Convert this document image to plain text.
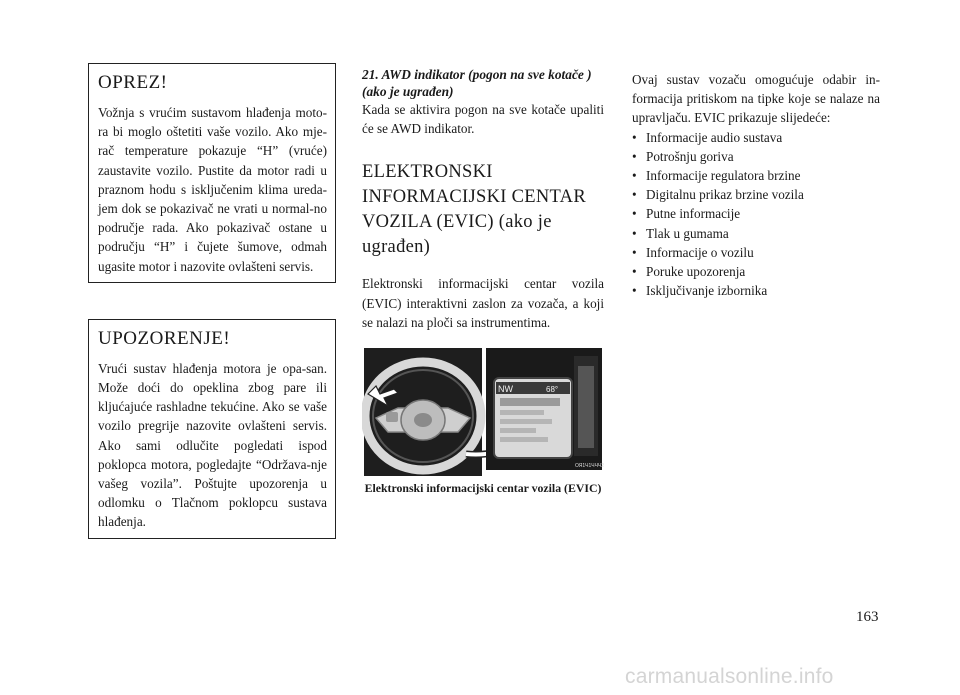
OPREZ!

Vožnja s vrućim sustavom hlađenja moto-ra bi moglo oštetiti vaše vozilo. Ako mje-rač temperature pokazuje “H” (vruće) zaustavite vozilo. Pustite da motor radi u praznom hodu s isključenim klima ureda-jem dok se pokazivač ne vrati u normal-no područje rada. Ako pokazivač ostane u području “H” i čujete šumove, odmah ugasite motor i nazovite ovlašteni servis.

UPOZORENJE!

Vrući sustav hlađenja motora je opa-san. Može doći do opeklina zbog pare ili kljućajuće rashladne tekućine. Ako se vaše vozilo pregrije nazovite ovlašteni servis. Ako sami odlučite pogledati ispod poklopca motora, pogledajte “Održava-nje vašeg vozila”. Poštujte upozorenja u odlomku o Tlačnom poklopcu sustava hlađenja.

21. AWD indikator (pogon na sve kotače ) (ako je ugrađen)

Kada se aktivira pogon na sve kotače upaliti će se AWD indikator.

ELEKTRONSKI INFORMACIJSKI CENTAR VOZILA (EVIC) (ako je ugrađen)

Elektronski informacijski centar vozila (EVIC) interaktivni zaslon za vozača, a koji se nalazi na ploči sa instrumentima.

NW	68°
ОЯ1Ч1ЧЧЧ2
Elektronski informacijski centar vozila (EVIC)

Ovaj sustav vozaču omogućuje odabir in-formacija pritiskom na tipke koje se nalaze na upravljaču. EVIC prikazuje slijedeće:

• Informacije audio sustava
• Potrošnju goriva
• Informacije regulatora brzine
• Digitalnu prikaz brzine vozila
• Putne informacije
• Tlak u gumama
• Informacije o vozilu
• Poruke upozorenja
• Isključivanje izbornika
163
carmanualsonline.info
